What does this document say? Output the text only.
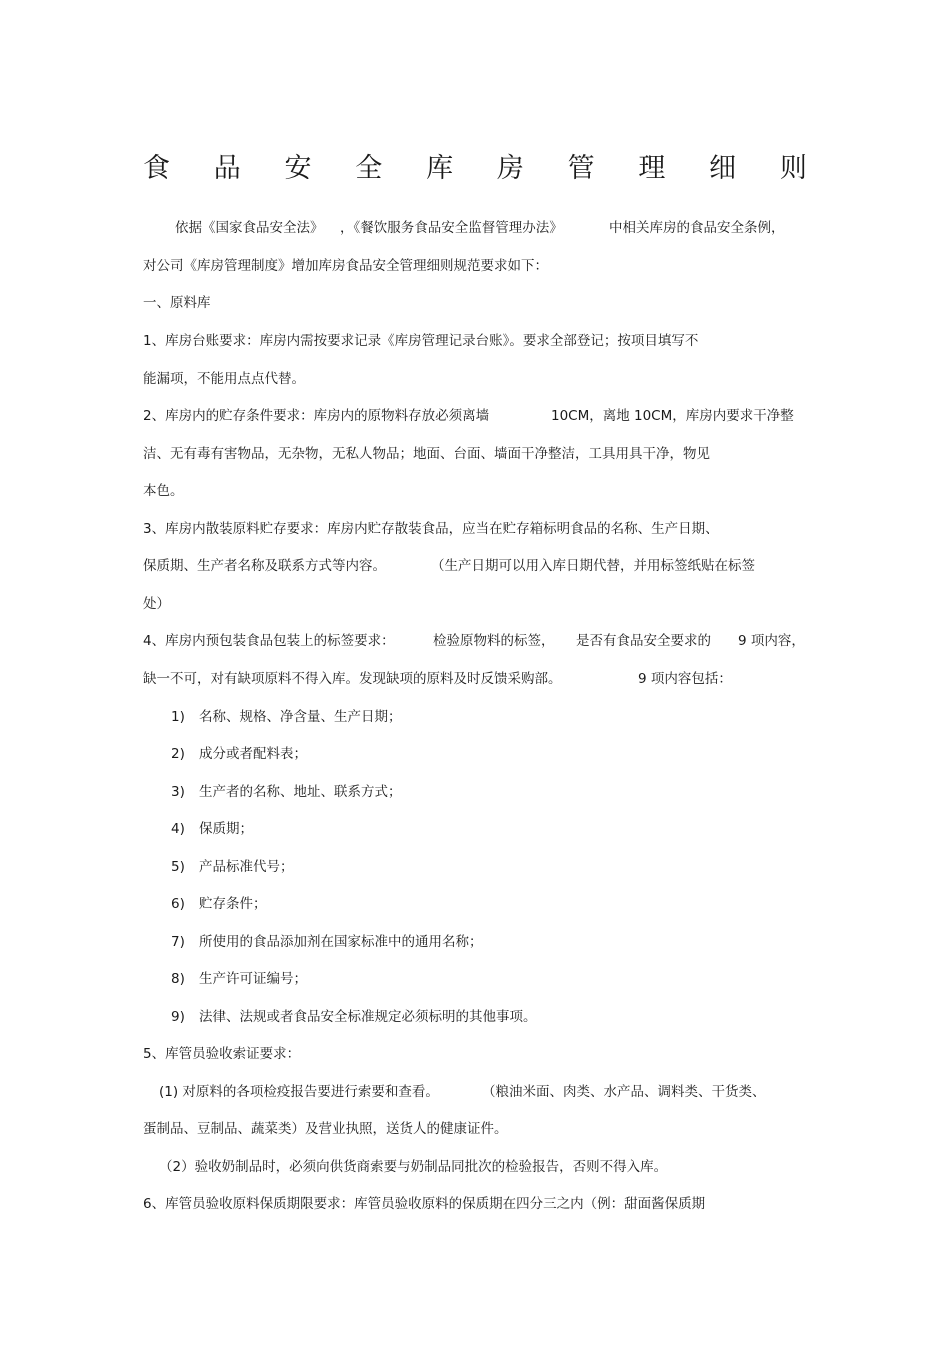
食 品 安 全 库 房 管 理 细 则
依据《国家食品安全法》 ，《餐饮服务食品安全监督管理办法》	中相关库房的食品安全条例，
对公司《库房管理制度》增加库房食品安全管理细则规范要求如下：
一、原料库
1、库房台账要求：库房内需按要求记录《库房管理记录台账》。要求全部登记；按项目填写不
能漏项，不能用点点代替。
2、库房内的贮存条件要求：库房内的原物料存放必须离墙	10CM，离地 10CM，库房内要求干净整
洁、无有毒有害物品，无杂物，无私人物品；地面、台面、墙面干净整洁，工具用具干净，物见
本色。
3、库房内散装原料贮存要求：库房内贮存散装食品，应当在贮存箱标明食品的名称、生产日期、
保质期、生产者名称及联系方式等内容。	（生产日期可以用入库日期代替，并用标签纸贴在标签
处）
4、库房内预包装食品包装上的标签要求：	检验原物料的标签， 是否有食品安全要求的 9 项内容，
缺一不可，对有缺项原料不得入库。发现缺项的原料及时反馈采购部。	9 项内容包括：
1) 名称、规格、净含量、生产日期；
2) 成分或者配料表；
3) 生产者的名称、地址、联系方式；
4) 保质期；
5) 产品标准代号；
6) 贮存条件；
7) 所使用的食品添加剂在国家标准中的通用名称；
8) 生产许可证编号；
9) 法律、法规或者食品安全标准规定必须标明的其他事项。
5、库管员验收索证要求：
(1) 对原料的各项检疫报告要进行索要和查看。	（粮油米面、肉类、水产品、调料类、干货类、
蛋制品、豆制品、蔬菜类）及营业执照，送货人的健康证件。
（2）验收奶制品时，必须向供货商索要与奶制品同批次的检验报告，否则不得入库。
6、库管员验收原料保质期限要求：库管员验收原料的保质期在四分三之内（例：甜面酱保质期
